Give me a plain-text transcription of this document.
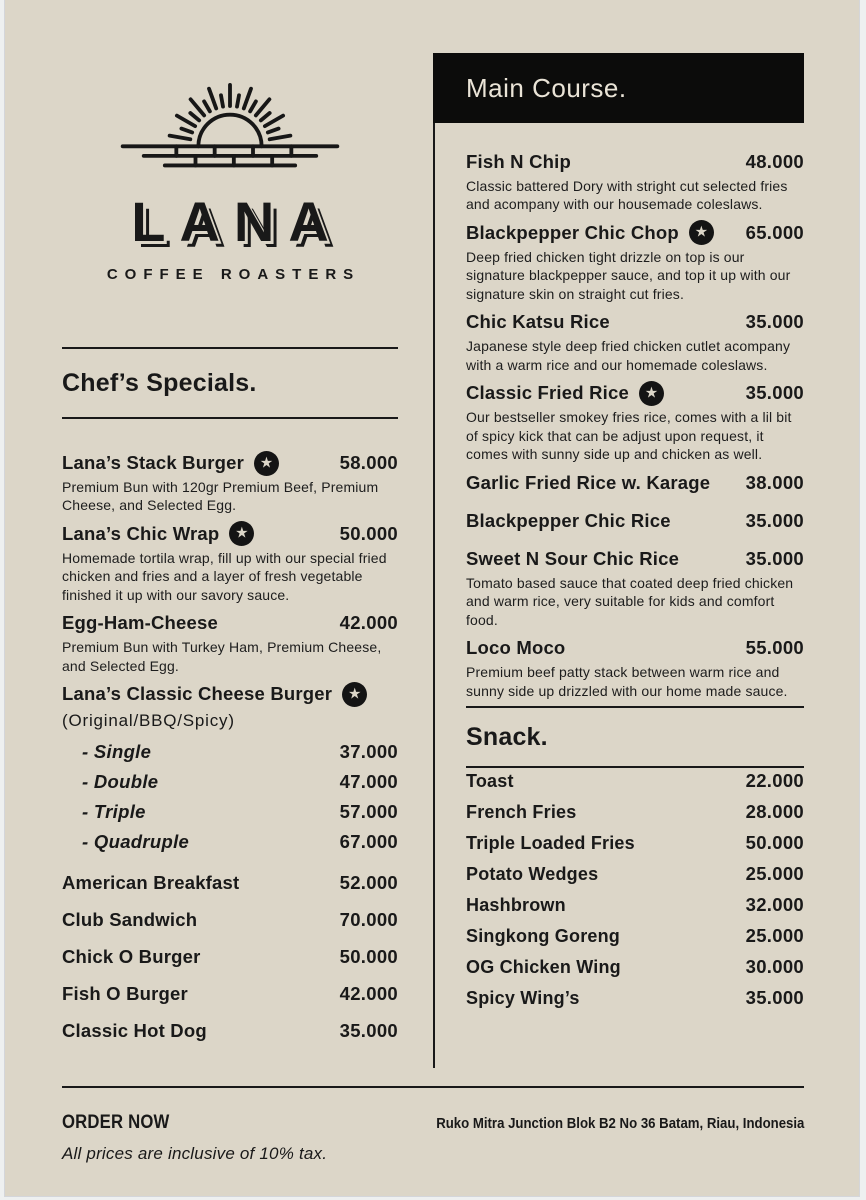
LANA
COFFEE ROASTERS
Chef’s Specials.
Lana’s Stack Burger ★	58.000

Premium Bun with 120gr Premium Beef, Premium Cheese, and Selected Egg.

Lana’s Chic Wrap ★	50.000

Homemade tortila wrap, fill up with our special fried chicken and fries and a layer of fresh vegetable finished it up with our savory sauce.

Egg-Ham-Cheese	42.000

Premium Bun with Turkey Ham, Premium Cheese, and Selected Egg.

Lana’s Classic Cheese Burger ★

(Original/BBQ/Spicy)

- Single	37.000
- Double	47.000
- Triple	57.000
- Quadruple	67.000
American Breakfast	52.000
Club Sandwich	70.000
Chick O Burger	50.000
Fish O Burger	42.000
Classic Hot Dog	35.000
Main Course.
Fish N Chip	48.000

Classic battered Dory with stright cut selected fries and acompany with our housemade coleslaws.

Blackpepper Chic Chop ★	65.000

Deep fried chicken tight drizzle on top is our signature blackpepper sauce, and top it up with our signature skin on straight cut fries.

Chic Katsu Rice	35.000

Japanese style deep fried chicken cutlet acompany with a warm rice and our homemade coleslaws.

Classic Fried Rice ★	35.000

Our bestseller smokey fries rice, comes with a lil bit of spicy kick that can be adjust upon request, it comes with sunny side up and chicken as well.

Garlic Fried Rice w. Karage	38.000
Blackpepper Chic Rice	35.000
Sweet N Sour Chic Rice	35.000

Tomato based sauce that coated deep fried chicken and warm rice, very suitable for kids and comfort food.

Loco Moco	55.000

Premium beef patty stack between warm rice and sunny side up drizzled with our home made sauce.

Snack.
Toast	22.000
French Fries	28.000
Triple Loaded Fries	50.000
Potato Wedges	25.000
Hashbrown	32.000
Singkong Goreng	25.000
OG Chicken Wing	30.000
Spicy Wing’s	35.000
ORDER NOW	Ruko Mitra Junction Blok B2 No 36 Batam, Riau, Indonesia
All prices are inclusive of 10% tax.
